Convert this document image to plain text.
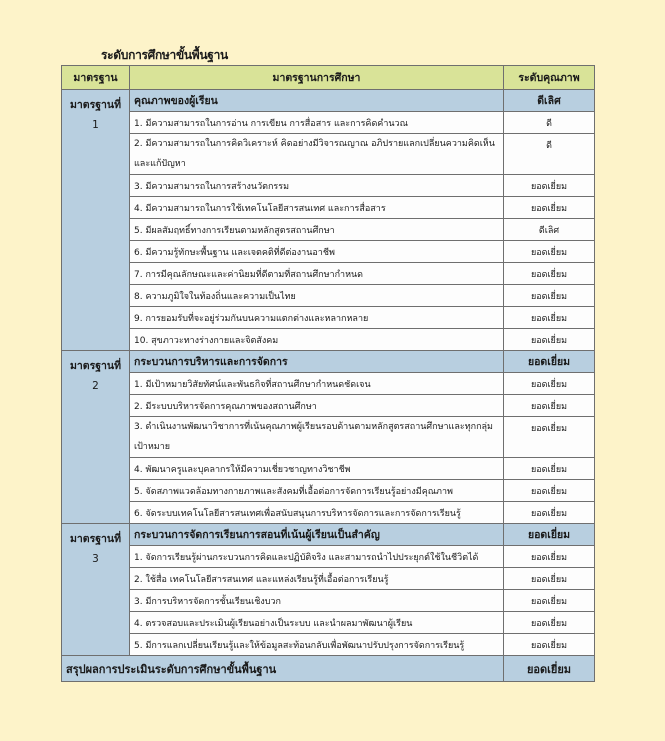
ระดับการศึกษาขั้นพื้นฐาน
มาตรฐาน	มาตรฐานการศึกษา	ระดับคุณภาพ
มาตรฐานที่
1	คุณภาพของผู้เรียน	ดีเลิศ
	1. มีความสามารถในการอ่าน การเขียน การสื่อสาร และการคิดคำนวณ	ดี
	2. มีความสามารถในการคิดวิเคราะห์ คิดอย่างมีวิจารณญาณ อภิปรายแลกเปลี่ยนความคิดเห็นและแก้ปัญหา	ดี
	3. มีความสามารถในการสร้างนวัตกรรม	ยอดเยี่ยม
	4. มีความสามารถในการใช้เทคโนโลยีสารสนเทศ และการสื่อสาร	ยอดเยี่ยม
	5. มีผลสัมฤทธิ์ทางการเรียนตามหลักสูตรสถานศึกษา	ดีเลิศ
	6. มีความรู้ทักษะพื้นฐาน และเจตคติที่ดีต่องานอาชีพ	ยอดเยี่ยม
	7. การมีคุณลักษณะและค่านิยมที่ดีตามที่สถานศึกษากำหนด	ยอดเยี่ยม
	8. ความภูมิใจในท้องถิ่นและความเป็นไทย	ยอดเยี่ยม
	9. การยอมรับที่จะอยู่ร่วมกันบนความแตกต่างและหลากหลาย	ยอดเยี่ยม
	10. สุขภาวะทางร่างกายและจิตสังคม	ยอดเยี่ยม
มาตรฐานที่
2	กระบวนการบริหารและการจัดการ	ยอดเยี่ยม
	1. มีเป้าหมายวิสัยทัศน์และพันธกิจที่สถานศึกษากำหนดชัดเจน	ยอดเยี่ยม
	2. มีระบบบริหารจัดการคุณภาพของสถานศึกษา	ยอดเยี่ยม
	3. ดำเนินงานพัฒนาวิชาการที่เน้นคุณภาพผู้เรียนรอบด้านตามหลักสูตรสถานศึกษาและทุกกลุ่มเป้าหมาย	ยอดเยี่ยม
	4. พัฒนาครูและบุคลากรให้มีความเชี่ยวชาญทางวิชาชีพ	ยอดเยี่ยม
	5. จัดสภาพแวดล้อมทางกายภาพและสังคมที่เอื้อต่อการจัดการเรียนรู้อย่างมีคุณภาพ	ยอดเยี่ยม
	6. จัดระบบเทคโนโลยีสารสนเทศเพื่อสนับสนุนการบริหารจัดการและการจัดการเรียนรู้	ยอดเยี่ยม
มาตรฐานที่
3	กระบวนการจัดการเรียนการสอนที่เน้นผู้เรียนเป็นสำคัญ	ยอดเยี่ยม
	1. จัดการเรียนรู้ผ่านกระบวนการคิดและปฏิบัติจริง และสามารถนำไปประยุกต์ใช้ในชีวิตได้	ยอดเยี่ยม
	2. ใช้สื่อ เทคโนโลยีสารสนเทศ และแหล่งเรียนรู้ที่เอื้อต่อการเรียนรู้	ยอดเยี่ยม
	3. มีการบริหารจัดการชั้นเรียนเชิงบวก	ยอดเยี่ยม
	4. ตรวจสอบและประเมินผู้เรียนอย่างเป็นระบบ และนำผลมาพัฒนาผู้เรียน	ยอดเยี่ยม
	5. มีการแลกเปลี่ยนเรียนรู้และให้ข้อมูลสะท้อนกลับเพื่อพัฒนาปรับปรุงการจัดการเรียนรู้	ยอดเยี่ยม
สรุปผลการประเมินระดับการศึกษาขั้นพื้นฐาน		ยอดเยี่ยม
